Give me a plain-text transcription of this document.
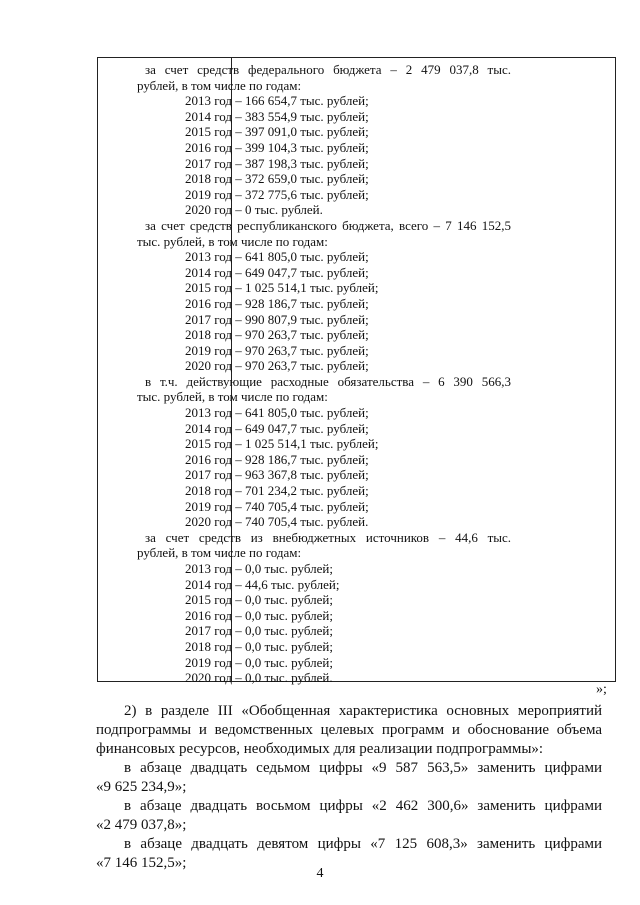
за счет средств федерального бюджета – 2 479 037,8 тыс.
рублей, в том числе по годам:
2013 год – 166 654,7 тыс. рублей;
2014 год – 383 554,9 тыс. рублей;
2015 год – 397 091,0 тыс. рублей;
2016 год – 399 104,3 тыс. рублей;
2017 год – 387 198,3 тыс. рублей;
2018 год – 372 659,0 тыс. рублей;
2019 год – 372 775,6 тыс. рублей;
2020 год – 0 тыс. рублей.
за счет средств республиканского бюджета, всего – 7 146 152,5
тыс. рублей, в том числе по годам:
2013 год – 641 805,0 тыс. рублей;
2014 год – 649 047,7 тыс. рублей;
2015 год – 1 025 514,1 тыс. рублей;
2016 год – 928 186,7 тыс. рублей;
2017 год – 990 807,9 тыс. рублей;
2018 год – 970 263,7 тыс. рублей;
2019 год – 970 263,7 тыс. рублей;
2020 год – 970 263,7 тыс. рублей;
в т.ч. действующие расходные обязательства – 6 390 566,3
тыс. рублей, в том числе по годам:
2013 год – 641 805,0 тыс. рублей;
2014 год – 649 047,7 тыс. рублей;
2015 год – 1 025 514,1 тыс. рублей;
2016 год – 928 186,7 тыс. рублей;
2017 год – 963 367,8 тыс. рублей;
2018 год – 701 234,2 тыс. рублей;
2019 год – 740 705,4 тыс. рублей;
2020 год – 740 705,4 тыс. рублей.
за счет средств из внебюджетных источников – 44,6 тыс.
рублей, в том числе по годам:
2013 год – 0,0 тыс. рублей;
2014 год – 44,6 тыс. рублей;
2015 год – 0,0 тыс. рублей;
2016 год – 0,0 тыс. рублей;
2017 год – 0,0 тыс. рублей;
2018 год – 0,0 тыс. рублей;
2019 год – 0,0 тыс. рублей;
2020 год – 0,0 тыс. рублей.
»;
2) в разделе III «Обобщенная характеристика основных мероприятий
подпрограммы и ведомственных целевых программ и обоснование объема
финансовых ресурсов, необходимых для реализации подпрограммы»:
в абзаце двадцать седьмом цифры «9 587 563,5» заменить цифрами
«9 625 234,9»;
в абзаце двадцать восьмом цифры «2 462 300,6» заменить цифрами
«2 479 037,8»;
в абзаце двадцать девятом цифры «7 125 608,3» заменить цифрами
«7 146 152,5»;
4
